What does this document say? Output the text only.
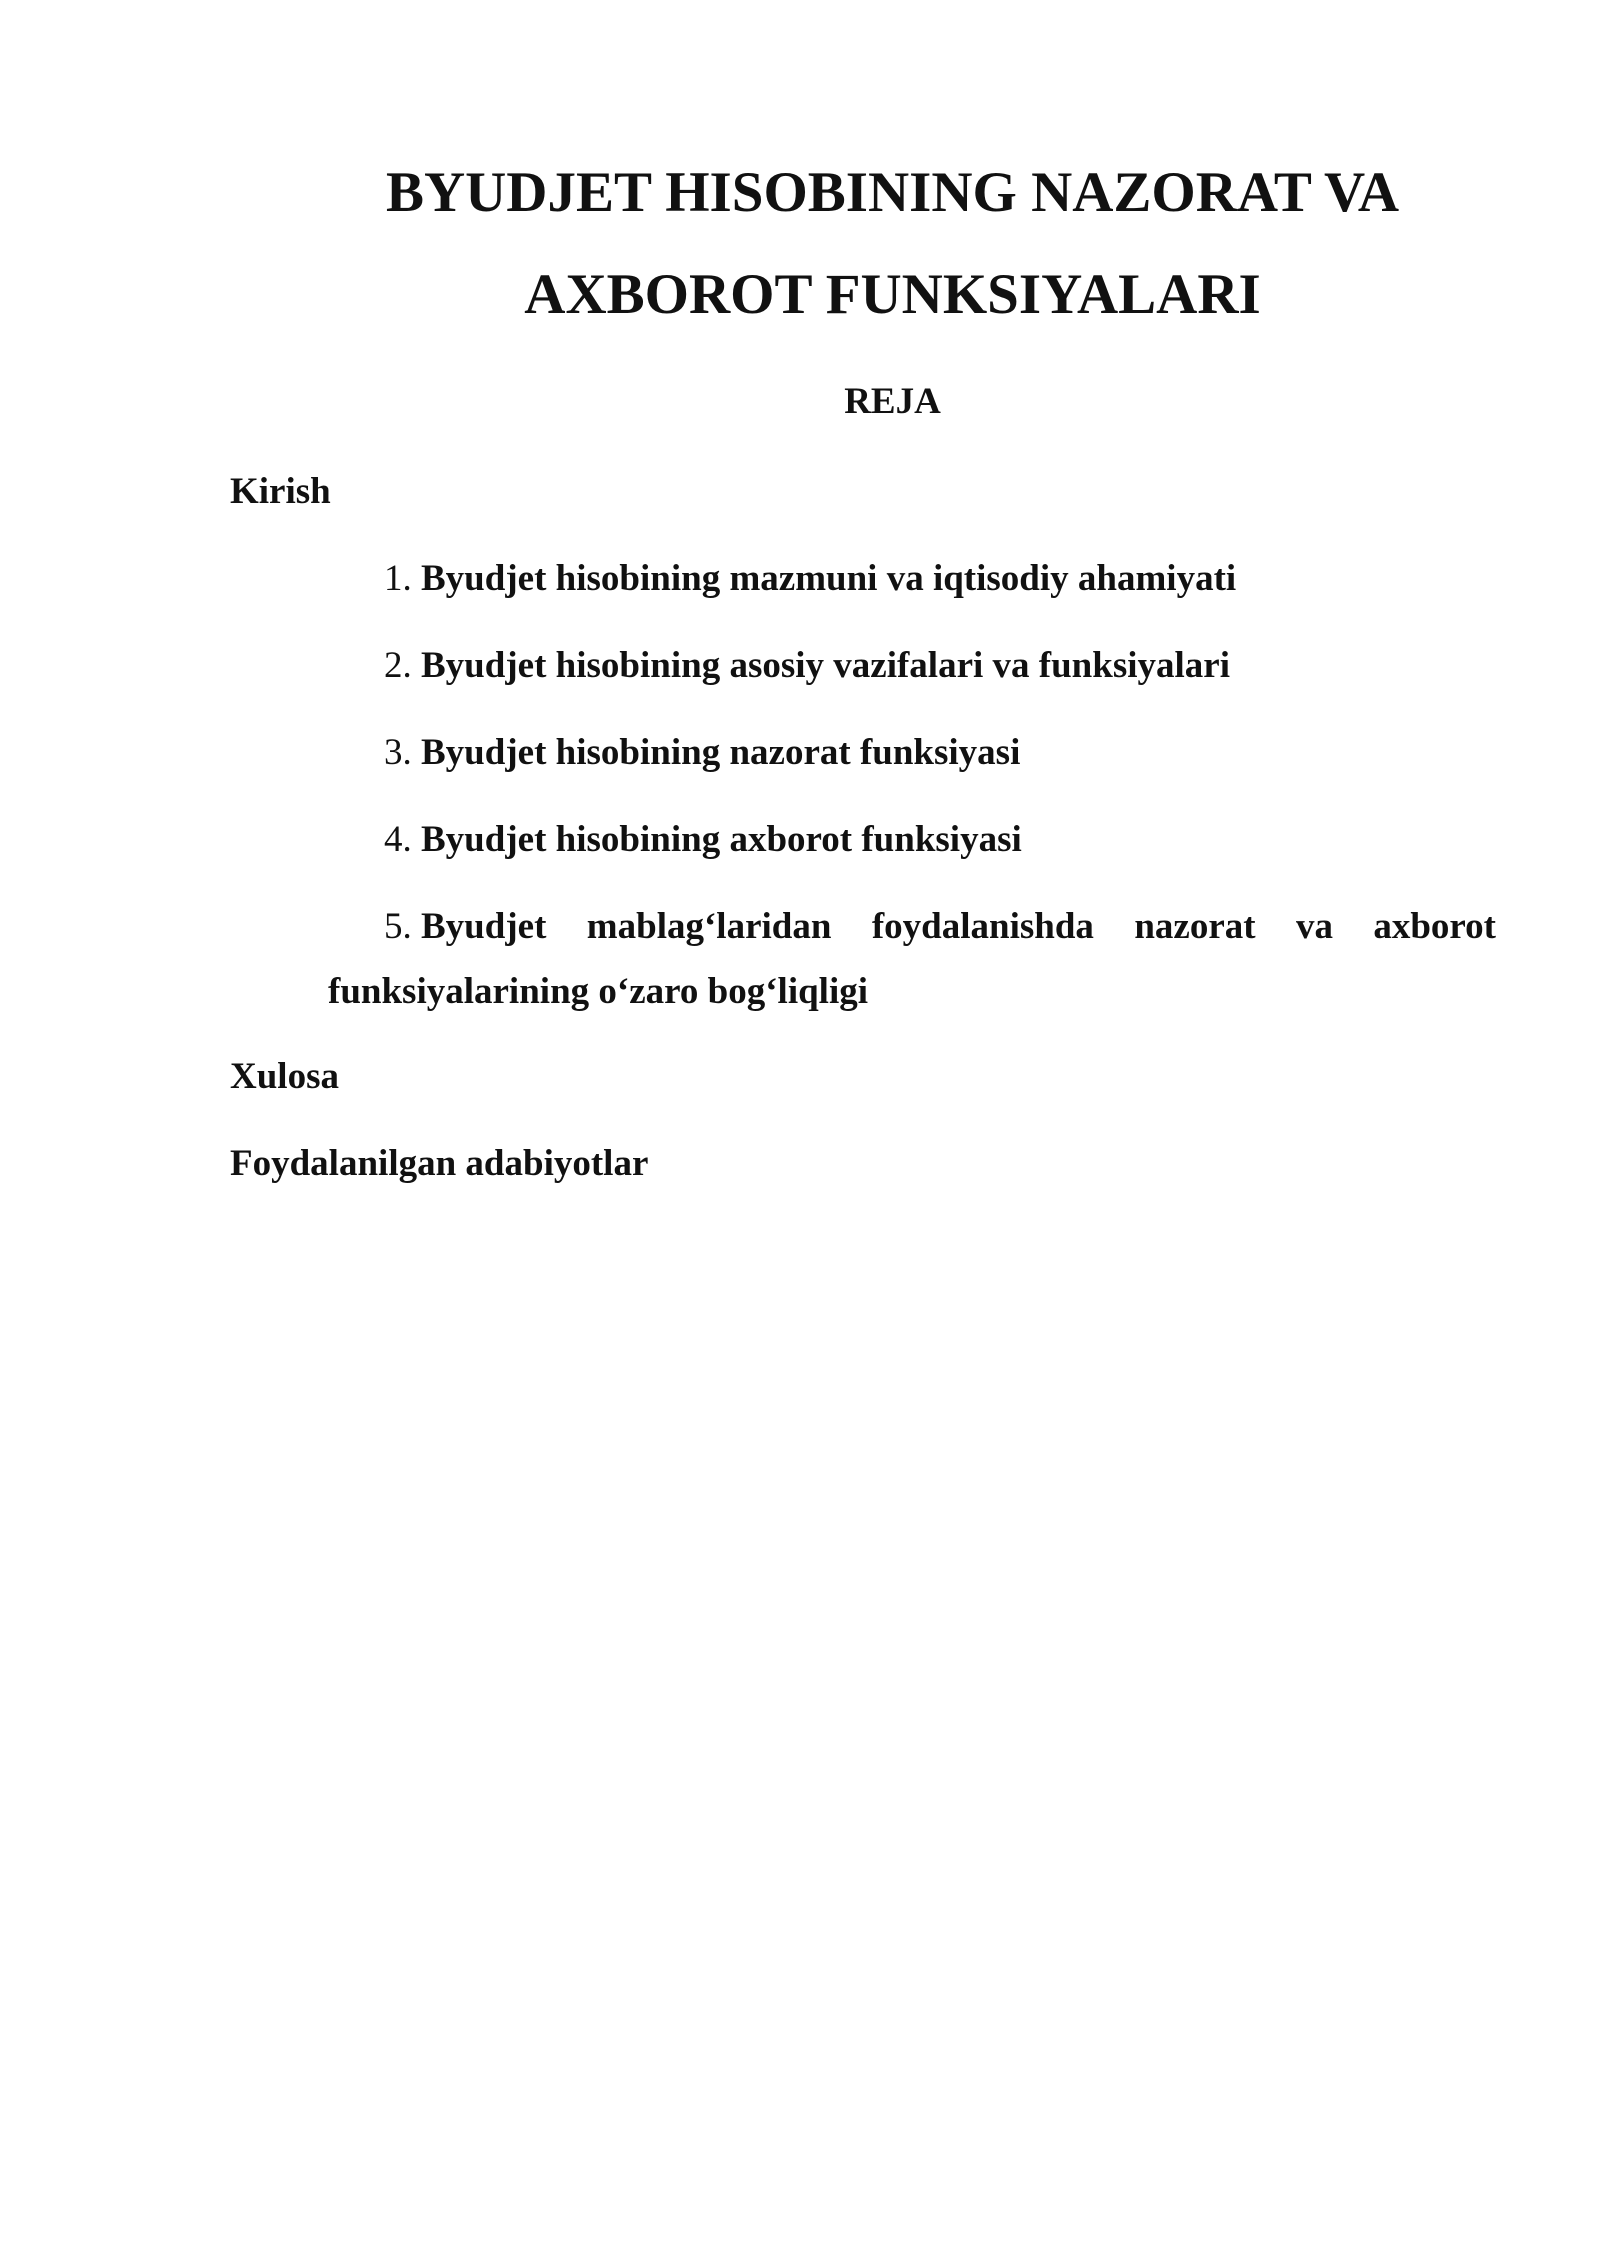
BYUDJET HISOBINING NAZORAT VA
AXBOROT FUNKSIYALARI
REJA
Kirish
1. Byudjet hisobining mazmuni va iqtisodiy ahamiyati
2. Byudjet hisobining asosiy vazifalari va funksiyalari
3. Byudjet hisobining nazorat funksiyasi
4. Byudjet hisobining axborot funksiyasi
5. Byudjet mablag‘laridan foydalanishda nazorat va axborot
funksiyalarining o‘zaro bog‘liqligi
Xulosa
Foydalanilgan adabiyotlar
